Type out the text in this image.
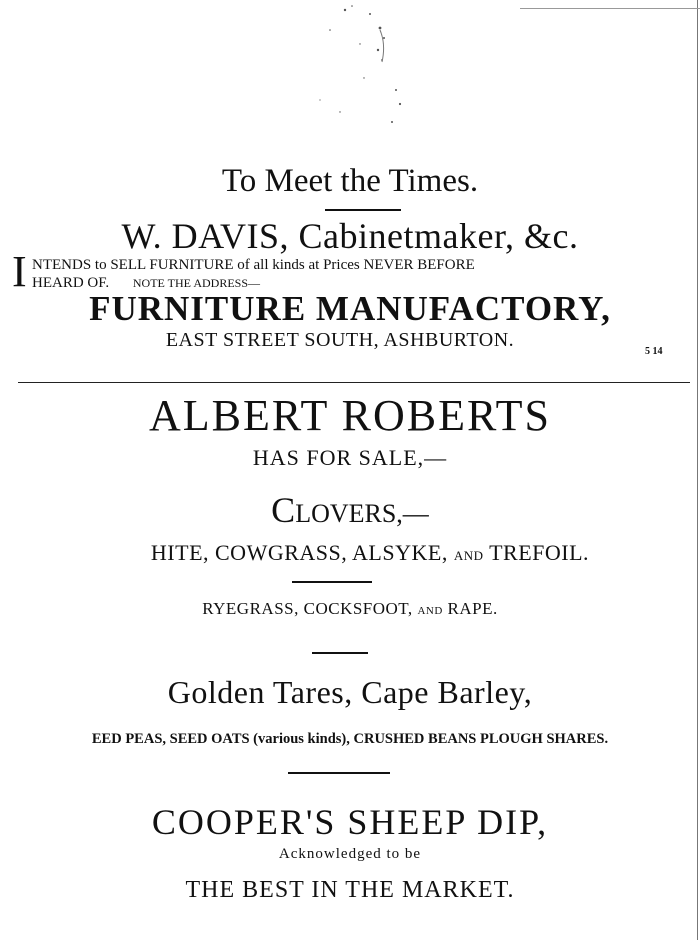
To Meet the Times.
W. DAVIS, Cabinetmaker, &c.
I NTENDS to SELL FURNITURE of all kinds at Prices NEVER BEFORE
HEARD OF. NOTE THE ADDRESS—
FURNITURE MANUFACTORY,
EAST STREET SOUTH, ASHBURTON.
5 14
ALBERT ROBERTS
HAS FOR SALE,—
CLOVERS,—
HITE, COWGRASS, ALSYKE, AND TREFOIL.
RYEGRASS, COCKSFOOT, AND RAPE.
Golden Tares, Cape Barley,
EED PEAS, SEED OATS (various kinds), CRUSHED BEANS PLOUGH SHARES.
COOPER'S SHEEP DIP,
Acknowledged to be
THE BEST IN THE MARKET.
